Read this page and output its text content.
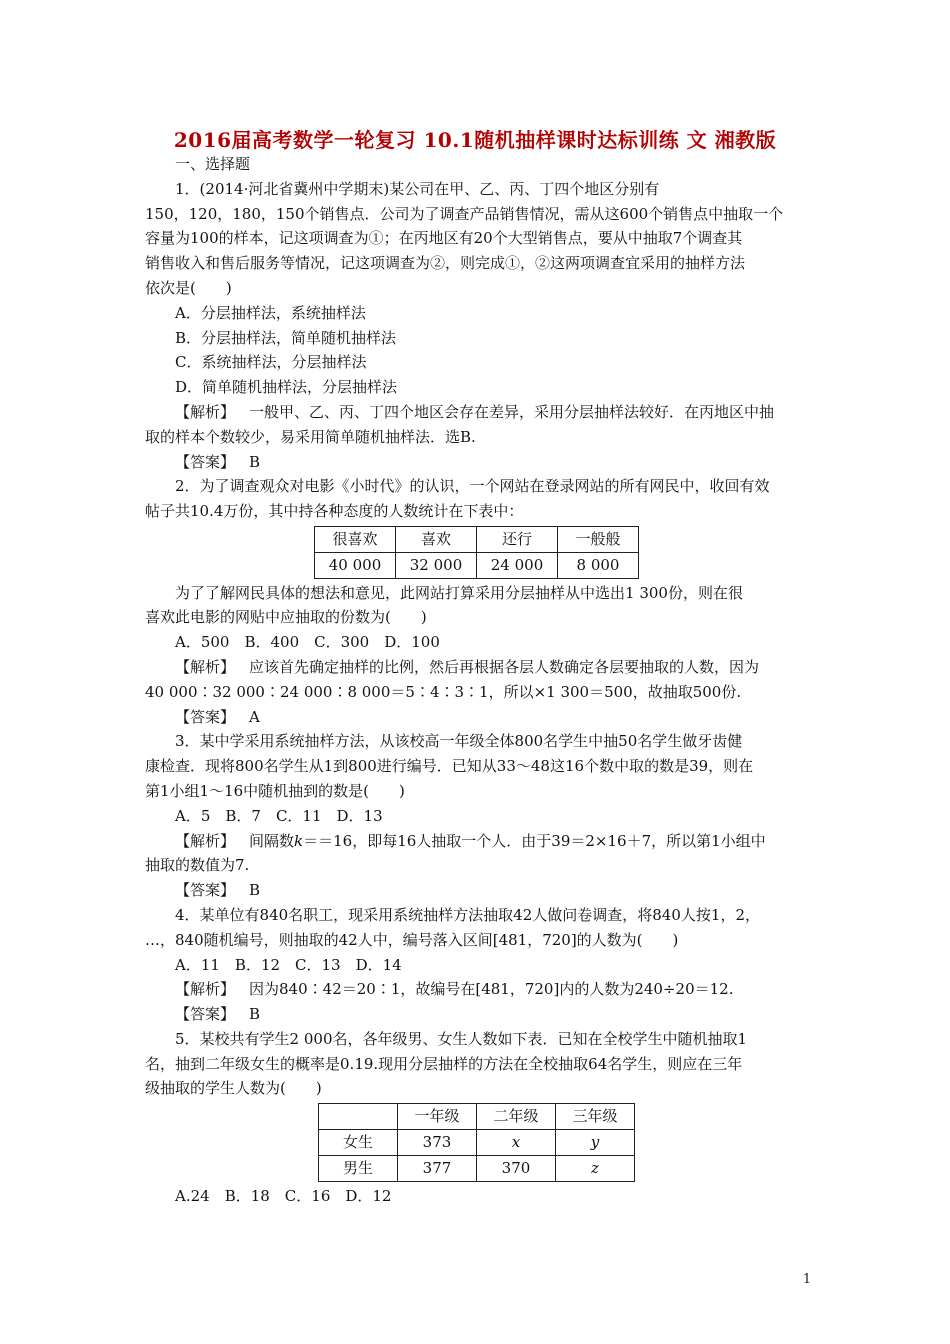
2016届高考数学一轮复习 10.1随机抽样课时达标训练 文 湘教版

一、选择题

1．(2014·河北省冀州中学期末)某公司在甲、乙、丙、丁四个地区分别有

150，120，180，150个销售点．公司为了调查产品销售情况，需从这600个销售点中抽取一个

容量为100的样本，记这项调查为①；在丙地区有20个大型销售点，要从中抽取7个调查其

销售收入和售后服务等情况，记这项调查为②，则完成①，②这两项调查宜采用的抽样方法

依次是(　　)

A．分层抽样法，系统抽样法

B．分层抽样法，简单随机抽样法

C．系统抽样法，分层抽样法

D．简单随机抽样法，分层抽样法

【解析】 一般甲、乙、丙、丁四个地区会存在差异，采用分层抽样法较好．在丙地区中抽

取的样本个数较少，易采用简单随机抽样法．选B.

【答案】 B

2．为了调查观众对电影《小时代》的认识，一个网站在登录网站的所有网民中，收回有效

帖子共10.4万份，其中持各种态度的人数统计在下表中：

很喜欢	喜欢	还行	一般般
40 000	32 000	24 000	8 000

为了了解网民具体的想法和意见，此网站打算采用分层抽样从中选出1 300份，则在很

喜欢此电影的网贴中应抽取的份数为(　　)

A．500　B．400　C．300　D．100

【解析】 应该首先确定抽样的比例，然后再根据各层人数确定各层要抽取的人数，因为

40 000∶32 000∶24 000∶8 000＝5∶4∶3∶1，所以×1 300＝500，故抽取500份.

【答案】 A

3．某中学采用系统抽样方法，从该校高一年级全体800名学生中抽50名学生做牙齿健

康检查．现将800名学生从1到800进行编号．已知从33～48这16个数中取的数是39，则在

第1小组1～16中随机抽到的数是(　　)

A．5　B．7　C．11　D．13

【解析】 间隔数k＝＝16，即每16人抽取一个人．由于39＝2×16＋7，所以第1小组中

抽取的数值为7.

【答案】 B

4．某单位有840名职工，现采用系统抽样方法抽取42人做问卷调查，将840人按1，2，

…，840随机编号，则抽取的42人中，编号落入区间[481，720]的人数为(　　)

A．11　B．12　C．13　D．14

【解析】 因为840∶42＝20∶1，故编号在[481，720]内的人数为240÷20＝12.

【答案】 B

5．某校共有学生2 000名，各年级男、女生人数如下表．已知在全校学生中随机抽取1

名，抽到二年级女生的概率是0.19.现用分层抽样的方法在全校抽取64名学生，则应在三年

级抽取的学生人数为(　　)

	一年级	二年级	三年级
女生	373	x	y
男生	377	370	z

A.24　B．18　C．16　D．12

1
